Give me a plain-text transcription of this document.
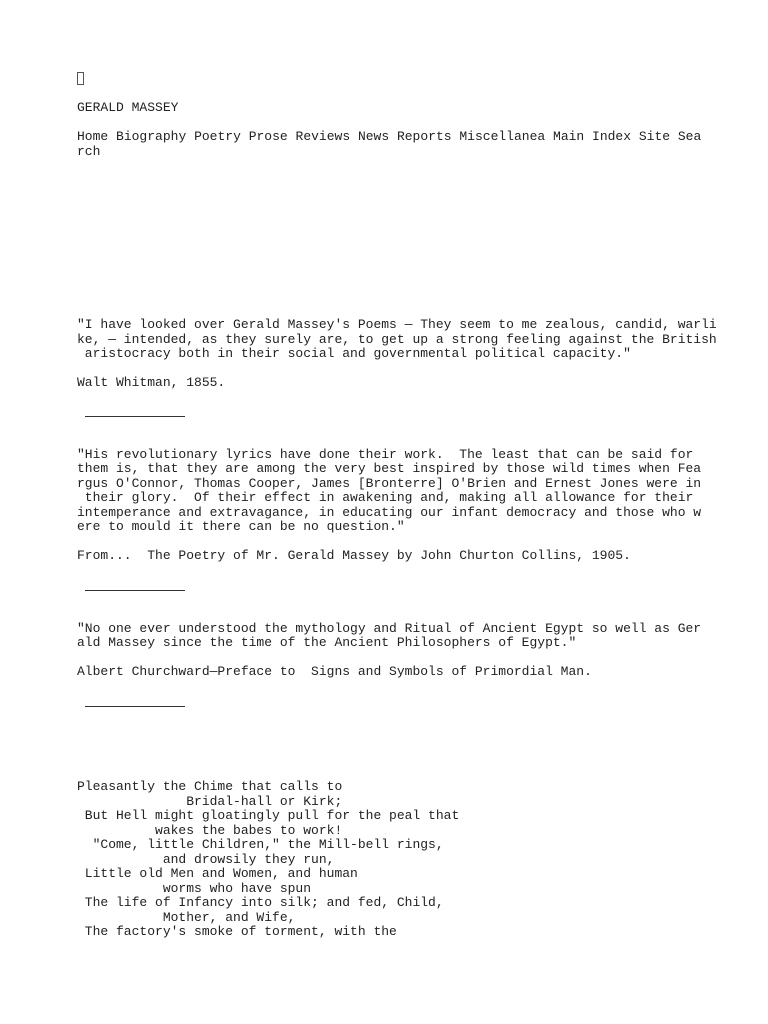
GERALD MASSEY

Home Biography Poetry Prose Reviews News Reports Miscellanea Main Index Site Sea

rch

"I have looked over Gerald Massey's Poems — They seem to me zealous, candid, warli

ke, — intended, as they surely are, to get up a strong feeling against the British

aristocracy both in their social and governmental political capacity."

Walt Whitman, 1855.

"His revolutionary lyrics have done their work.  The least that can be said for

them is, that they are among the very best inspired by those wild times when Fea

rgus O'Connor, Thomas Cooper, James [Bronterre] O'Brien and Ernest Jones were in

their glory.  Of their effect in awakening and, making all allowance for their

intemperance and extravagance, in educating our infant democracy and those who w

ere to mould it there can be no question."

From...  The Poetry of Mr. Gerald Massey by John Churton Collins, 1905.

"No one ever understood the mythology and Ritual of Ancient Egypt so well as Ger

ald Massey since the time of the Ancient Philosophers of Egypt."

Albert Churchward—Preface to  Signs and Symbols of Primordial Man.

Pleasantly the Chime that calls to

Bridal-hall or Kirk;

But Hell might gloatingly pull for the peal that

wakes the babes to work!

"Come, little Children," the Mill-bell rings,

and drowsily they run,

Little old Men and Women, and human

worms who have spun

The life of Infancy into silk; and fed, Child,

Mother, and Wife,

The factory's smoke of torment, with the
